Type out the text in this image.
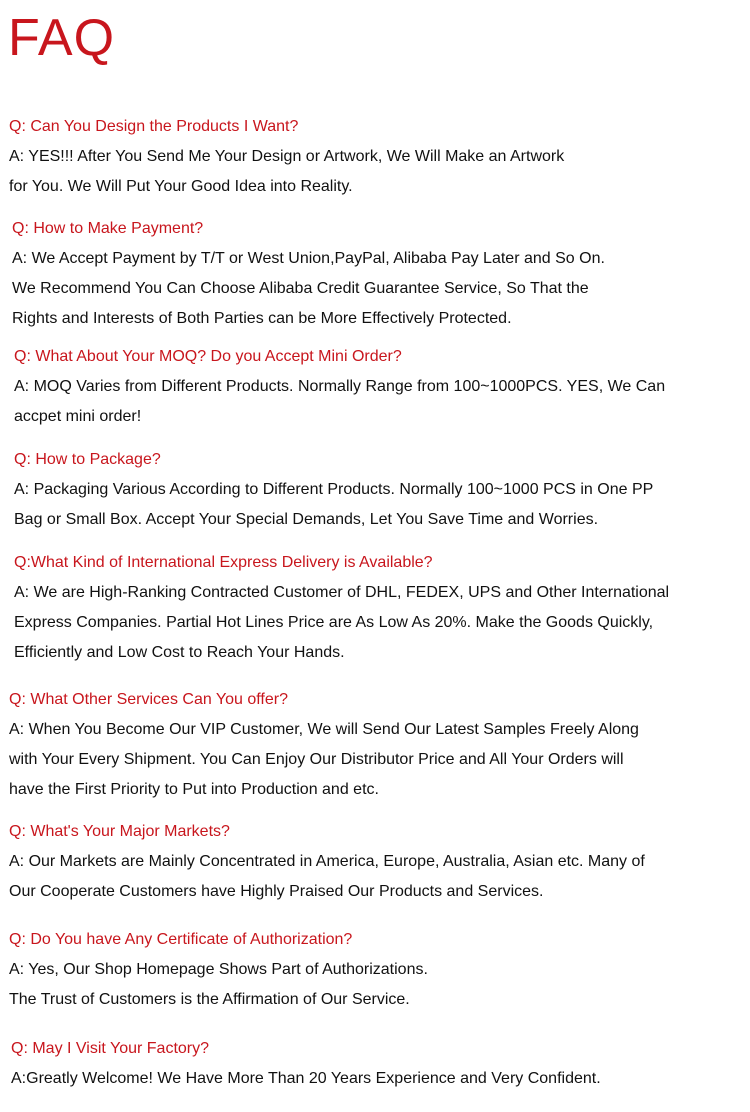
FAQ
Q: Can You Design the Products I Want?
A: YES!!! After You Send Me Your Design or Artwork, We Will Make an Artwork
for You. We Will Put Your Good Idea into Reality.
Q: How to Make Payment?
A: We Accept Payment by T/T or West Union,PayPal, Alibaba Pay Later and So On.
We Recommend You Can Choose Alibaba Credit Guarantee Service, So That the
Rights and Interests of Both Parties can be More Effectively Protected.
Q: What About Your MOQ? Do you Accept Mini Order?
A: MOQ Varies from Different Products. Normally Range from 100~1000PCS. YES, We Can
accpet mini order!
Q: How to Package?
A: Packaging Various According to Different Products. Normally 100~1000 PCS in One PP
Bag or Small Box. Accept Your Special Demands, Let You Save Time and Worries.
Q:What Kind of International Express Delivery is Available?
A: We are High-Ranking Contracted Customer of DHL, FEDEX, UPS and Other International
Express Companies. Partial Hot Lines Price are As Low As 20%. Make the Goods Quickly,
Efficiently and Low Cost to Reach Your Hands.
Q: What Other Services Can You offer?
A: When You Become Our VIP Customer, We will Send Our Latest Samples Freely Along
with Your Every Shipment. You Can Enjoy Our Distributor Price and All Your Orders will
have the First Priority to Put into Production and etc.
Q: What's Your Major Markets?
A: Our Markets are Mainly Concentrated in America, Europe, Australia, Asian etc. Many of
Our Cooperate Customers have Highly Praised Our Products and Services.
Q: Do You have Any Certificate of Authorization?
A: Yes, Our Shop Homepage Shows Part of Authorizations.
The Trust of Customers is the Affirmation of Our Service.
Q: May I Visit Your Factory?
A:Greatly Welcome! We Have More Than 20 Years Experience and Very Confident.
